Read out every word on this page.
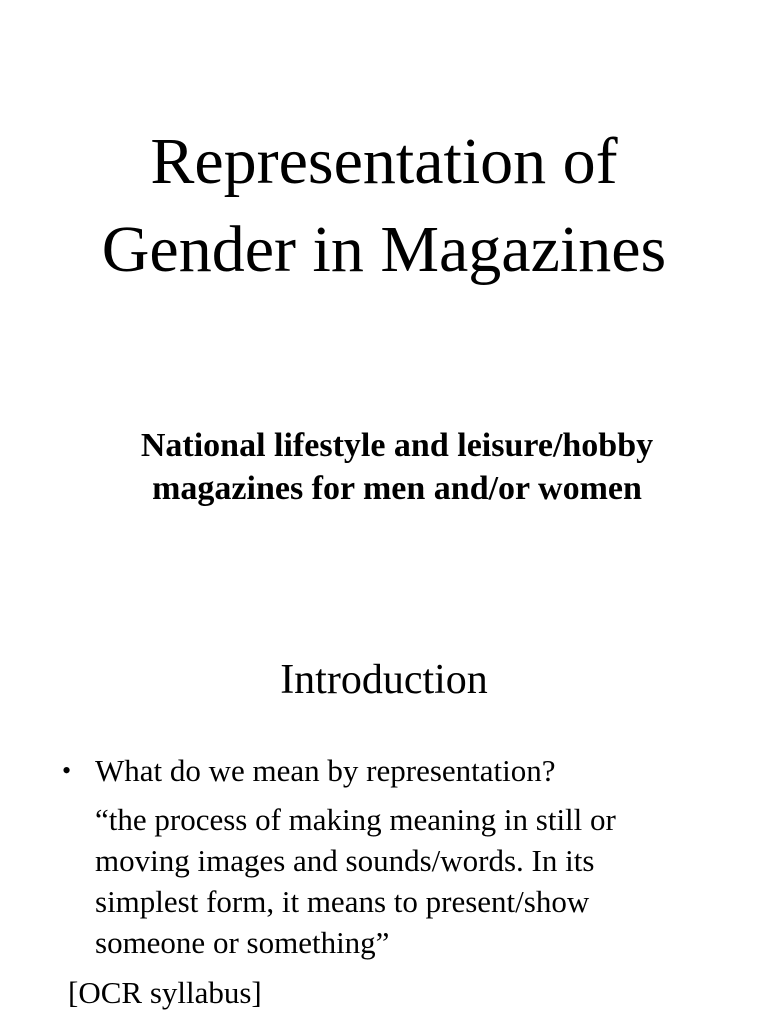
Representation of
Gender in Magazines

National lifestyle and leisure/hobby
magazines for men and/or women

Introduction
• What do we mean by representation?
“the process of making meaning in still or
moving images and sounds/words. In its
simplest form, it means to present/show
someone or something”
[OCR syllabus]
